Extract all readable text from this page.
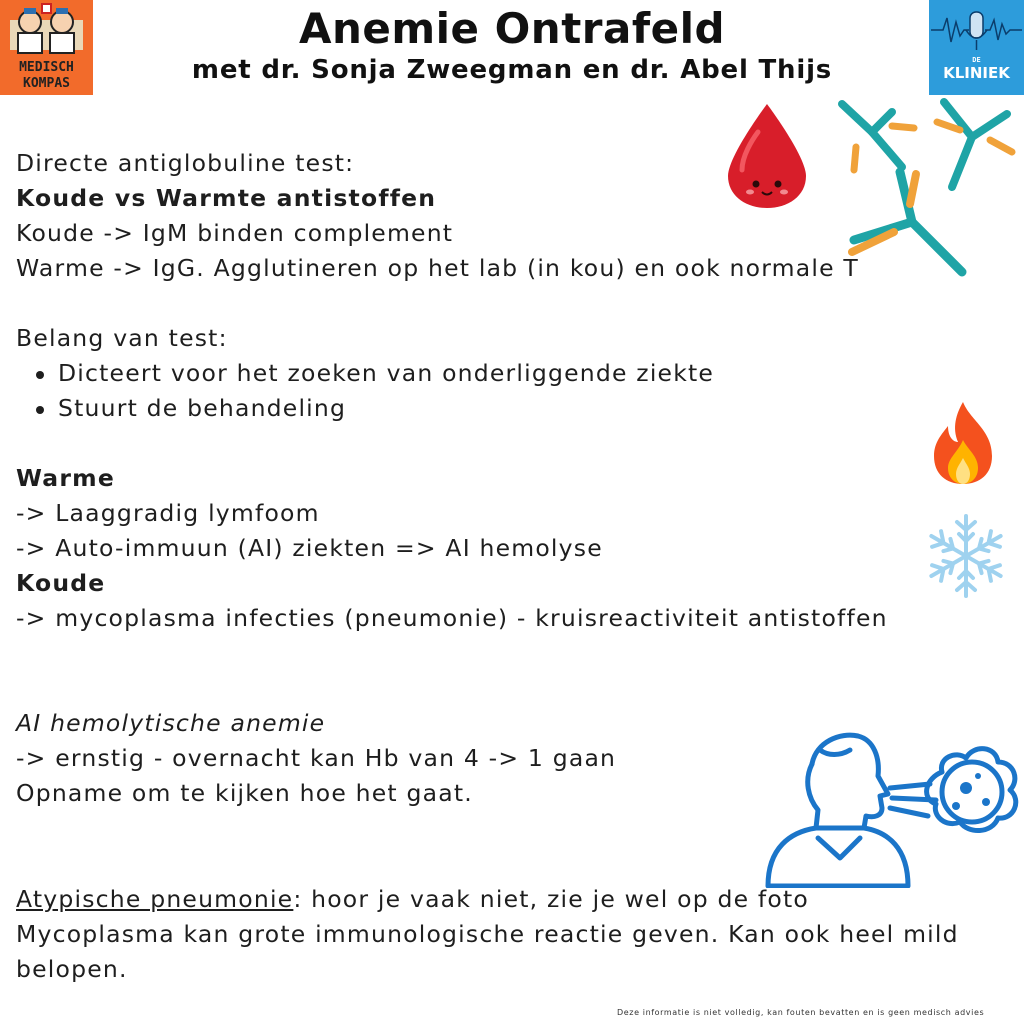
MEDISCH
KOMPAS
DE
KLINIEK
Anemie Ontrafeld
met dr. Sonja Zweegman en dr. Abel Thijs
Directe antiglobuline test:
Koude vs Warmte antistoffen
Koude -> IgM binden complement
Warme -> IgG. Agglutineren op het lab (in kou) en ook normale T
Belang van test:
Dicteert voor het zoeken van onderliggende ziekte
Stuurt de behandeling
Warme
-> Laaggradig lymfoom
-> Auto-immuun (AI) ziekten => AI hemolyse
Koude
-> mycoplasma infecties (pneumonie) - kruisreactiviteit antistoffen
AI hemolytische anemie
-> ernstig - overnacht kan Hb van 4 -> 1 gaan
Opname om te kijken hoe het gaat.
Atypische pneumonie: hoor je vaak niet, zie je wel op de foto
Mycoplasma kan grote immunologische reactie geven. Kan ook heel mild
belopen.
Deze informatie is niet volledig, kan fouten bevatten en is geen medisch advies
